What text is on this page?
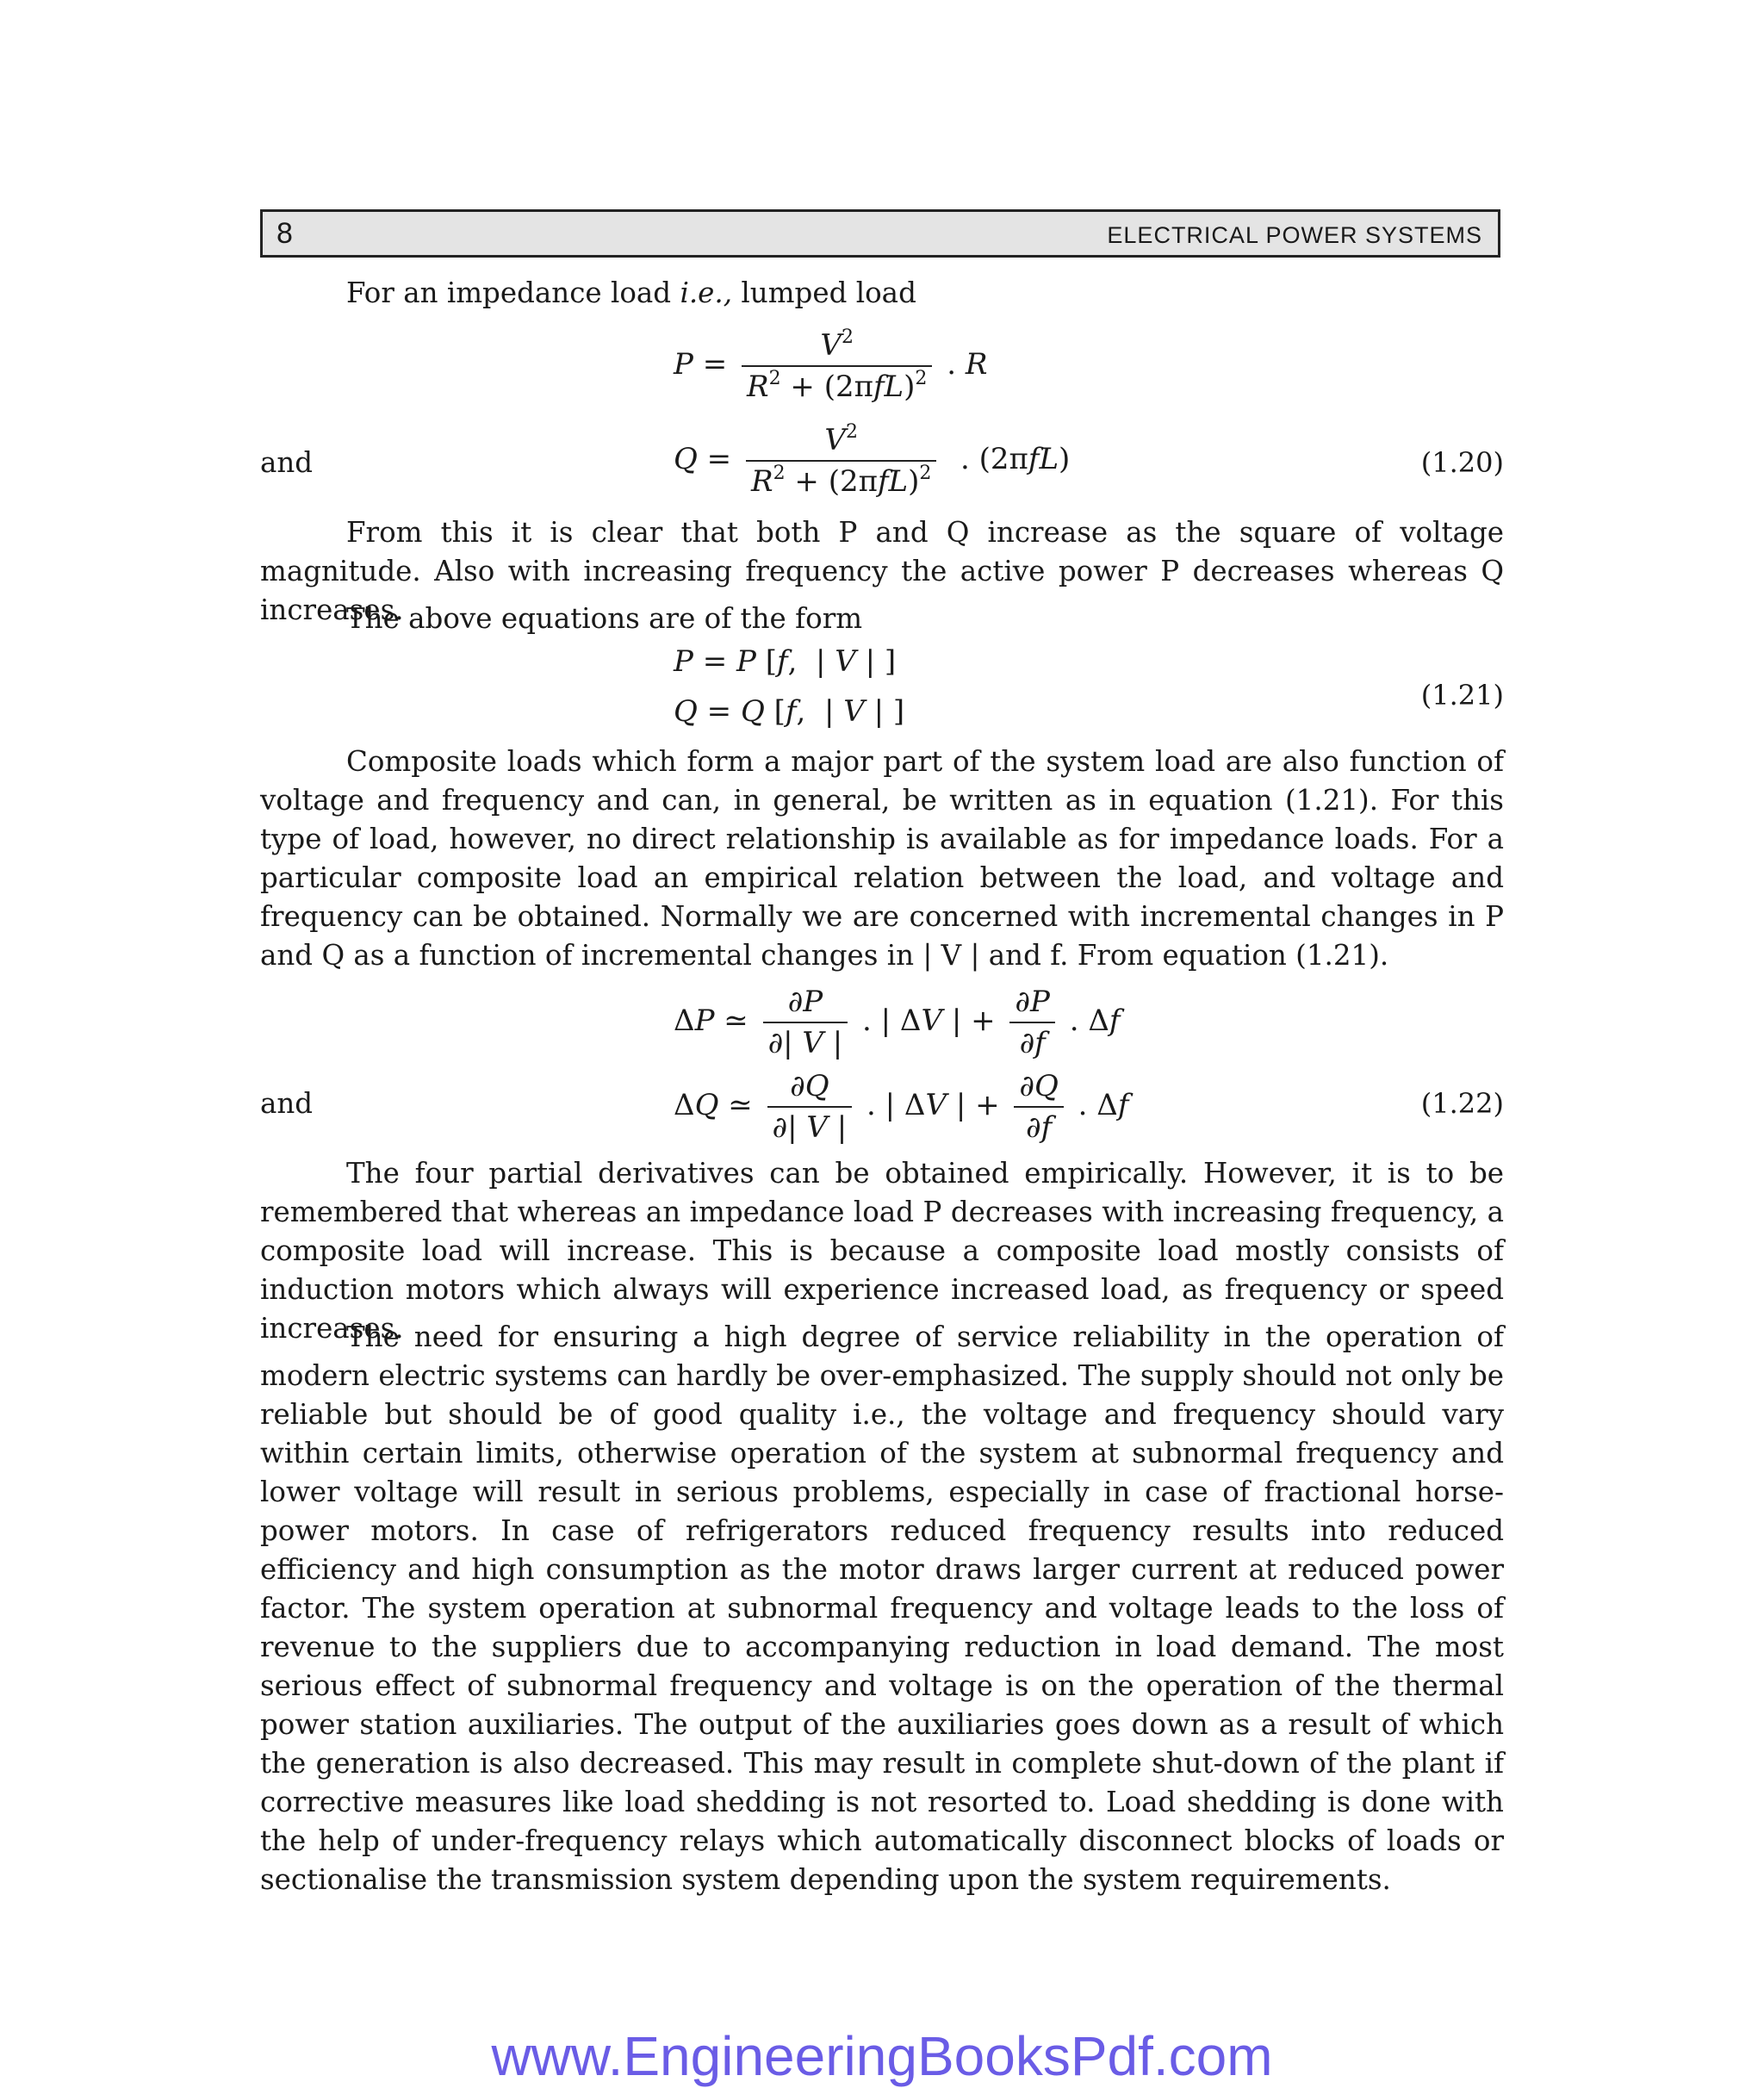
8	ELECTRICAL POWER SYSTEMS

For an impedance load i.e., lumped load

$P = \frac{V^2}{R^2 + (2\pi fL)^2}$ . R
and	$Q = \frac{V^2}{R^2 + (2\pi fL)^2}$ . (2πfL)	(1.20)

From this it is clear that both P and Q increase as the square of voltage magnitude. Also with increasing frequency the active power P decreases whereas Q increases.

The above equations are of the form

P = P [f,  | V | ]
Q = Q [f,  | V | ]	(1.21)

Composite loads which form a major part of the system load are also function of voltage and frequency and can, in general, be written as in equation (1.21). For this type of load, however, no direct relationship is available as for impedance loads. For a particular composite load an empirical relation between the load, and voltage and frequency can be obtained. Normally we are concerned with incremental changes in P and Q as a function of incremental changes in | V | and f. From equation (1.21).

ΔP ≃ $\frac{\partial P}{\partial| V |}$ . | ΔV | + $\frac{\partial P}{\partial f}$ . Δf
and	ΔQ ≃ $\frac{\partial Q}{\partial| V |}$ . | ΔV | + $\frac{\partial Q}{\partial f}$ . Δf	(1.22)

The four partial derivatives can be obtained empirically. However, it is to be remembered that whereas an impedance load P decreases with increasing frequency, a composite load will increase. This is because a composite load mostly consists of induction motors which always will experience increased load, as frequency or speed increases.

The need for ensuring a high degree of service reliability in the operation of modern electric systems can hardly be over-emphasized. The supply should not only be reliable but should be of good quality i.e., the voltage and frequency should vary within certain limits, otherwise operation of the system at subnormal frequency and lower voltage will result in serious problems, especially in case of fractional horse-power motors. In case of refrigerators reduced frequency results into reduced efficiency and high consumption as the motor draws larger current at reduced power factor. The system operation at subnormal frequency and voltage leads to the loss of revenue to the suppliers due to accompanying reduction in load demand. The most serious effect of subnormal frequency and voltage is on the operation of the thermal power station auxiliaries. The output of the auxiliaries goes down as a result of which the generation is also decreased. This may result in complete shut-down of the plant if corrective measures like load shedding is not resorted to. Load shedding is done with the help of under-frequency relays which automatically disconnect blocks of loads or sectionalise the transmission system depending upon the system requirements.

www.EngineeringBooksPdf.com
